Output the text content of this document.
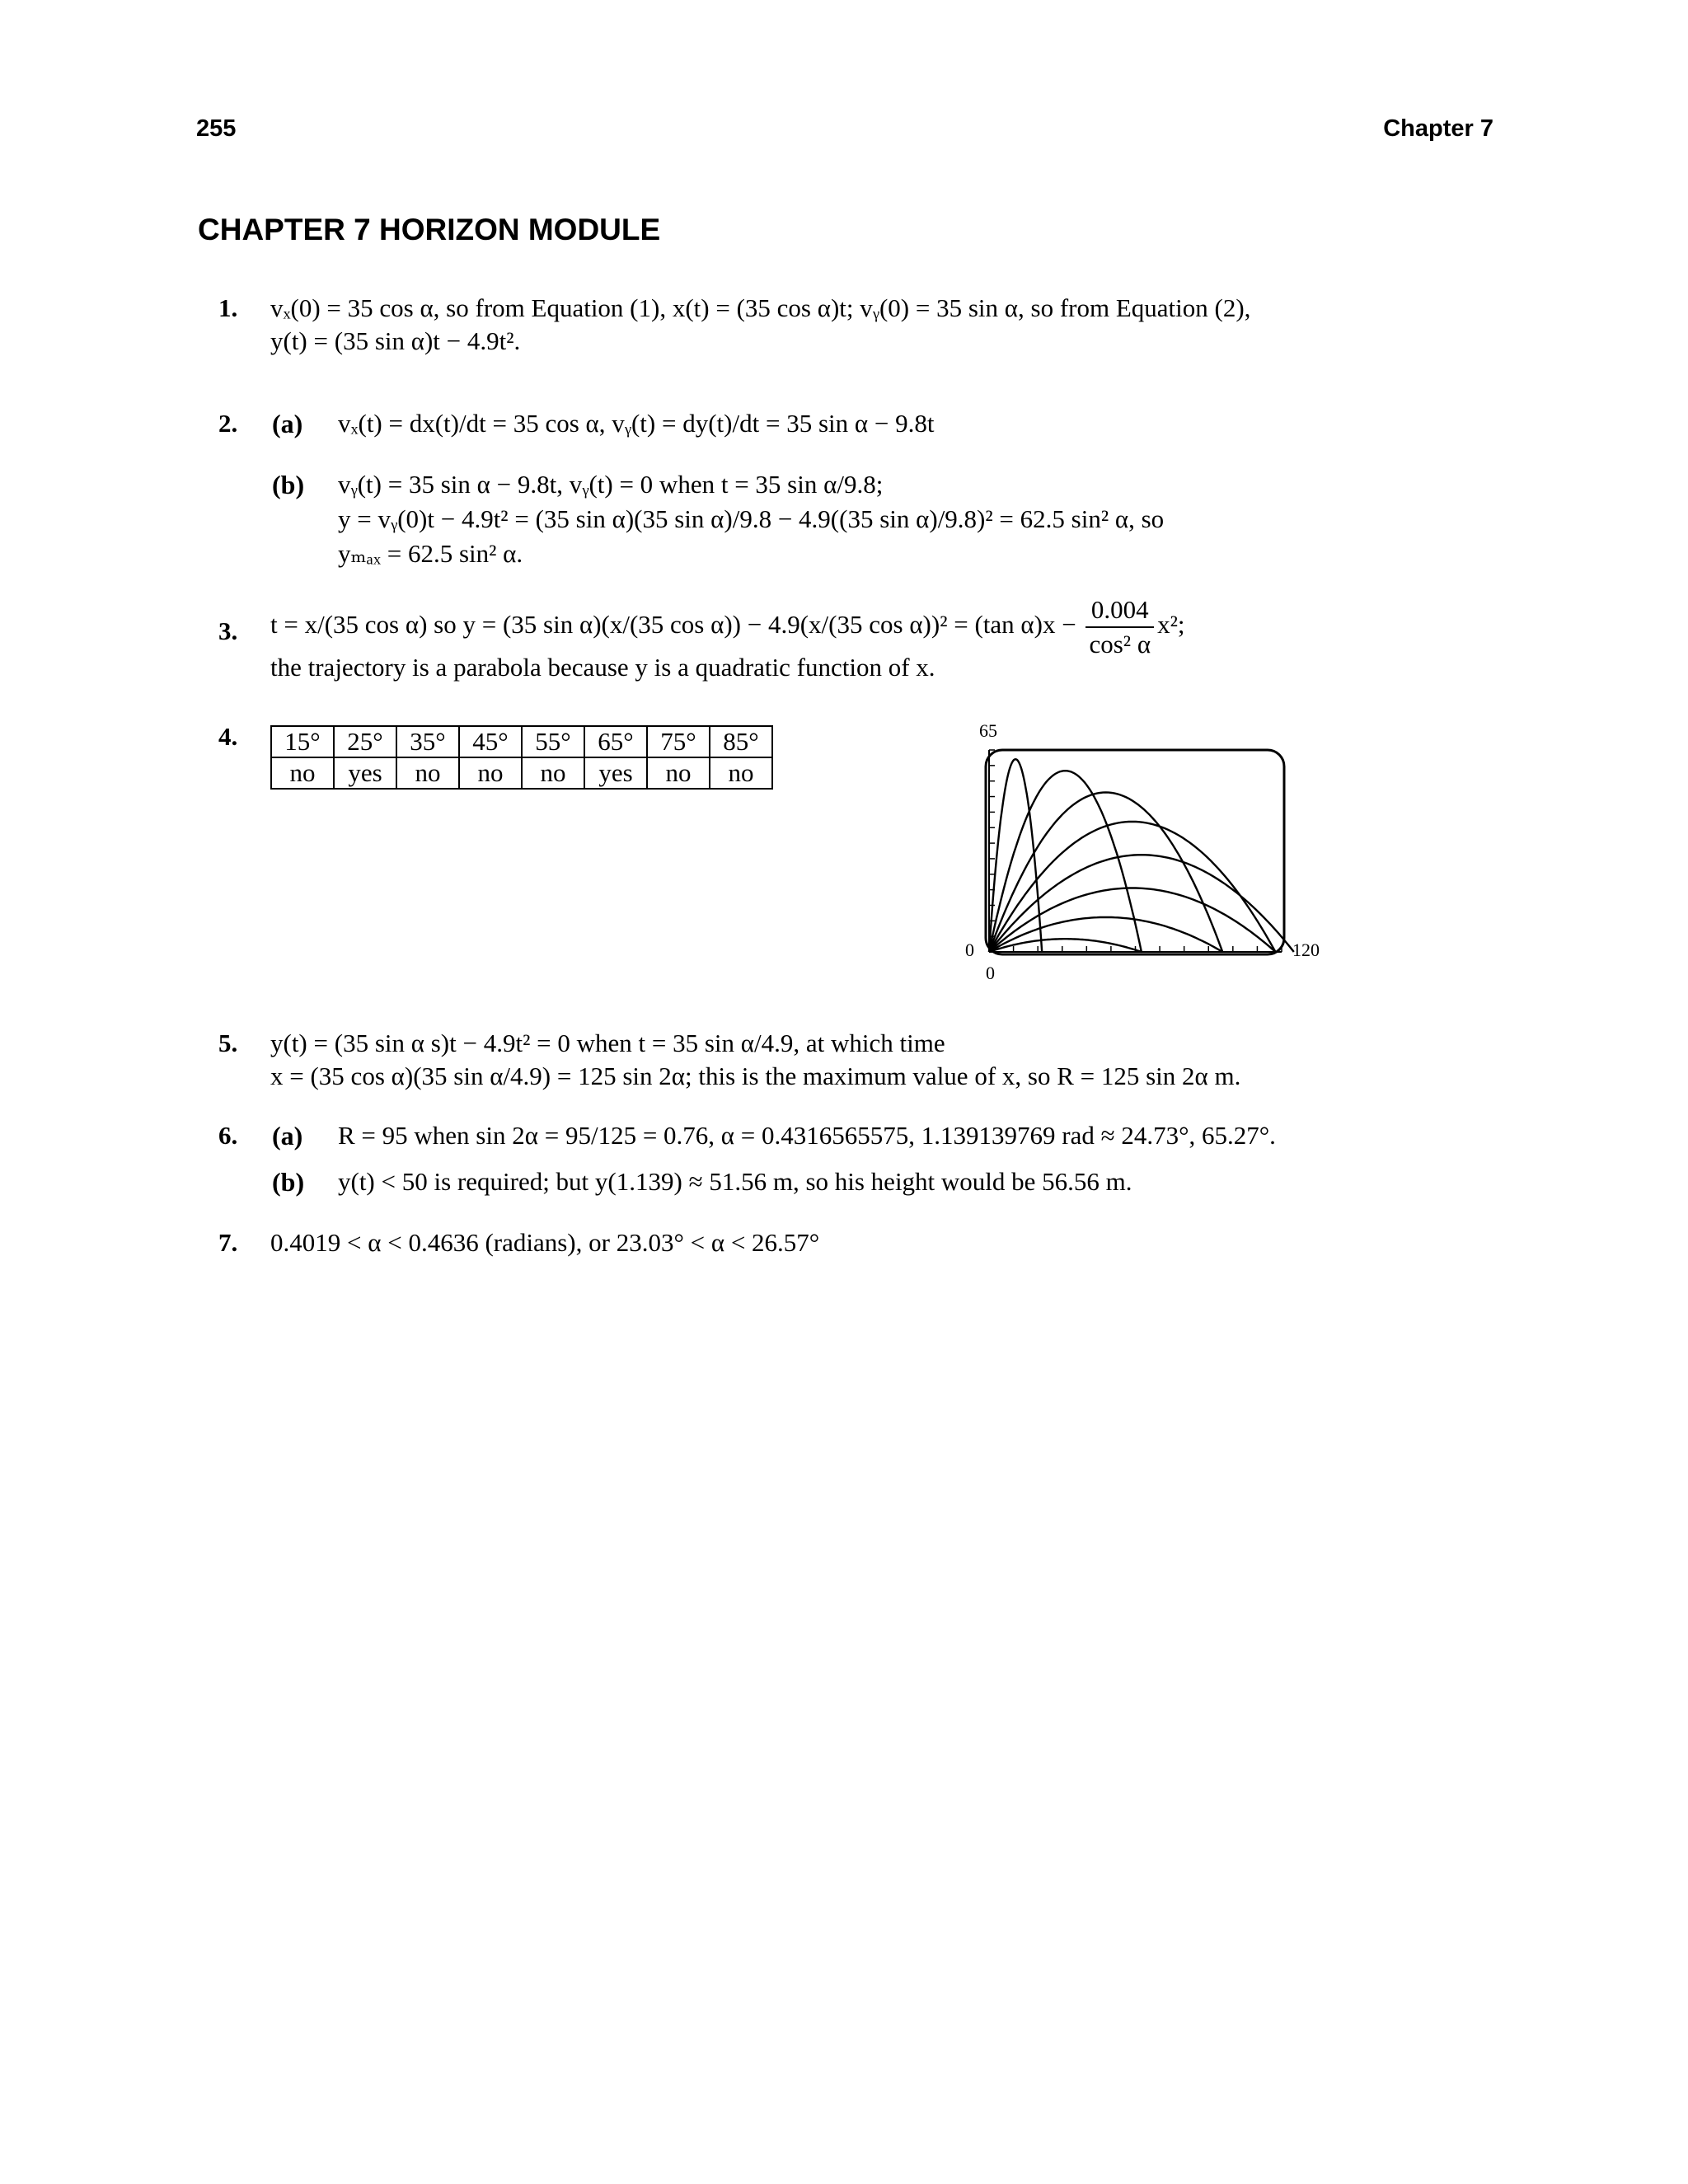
255	Chapter 7
CHAPTER 7 HORIZON MODULE
1. vₓ(0) = 35 cos α, so from Equation (1), x(t) = (35 cos α)t; vᵧ(0) = 35 sin α, so from Equation (2),
y(t) = (35 sin α)t − 4.9t².
2. (a) vₓ(t) = dx(t)/dt = 35 cos α, vᵧ(t) = dy(t)/dt = 35 sin α − 9.8t
(b) vᵧ(t) = 35 sin α − 9.8t, vᵧ(t) = 0 when t = 35 sin α/9.8;
y = vᵧ(0)t − 4.9t² = (35 sin α)(35 sin α)/9.8 − 4.9((35 sin α)/9.8)² = 62.5 sin² α, so
yₘₐₓ = 62.5 sin² α.
3. t = x/(35 cos α) so y = (35 sin α)(x/(35 cos α)) − 4.9(x/(35 cos α))² = (tan $\alpha)x - \frac{0.004}{\text{cos² α}} x^2$;
the trajectory is a parabola because y is a quadratic function of x.
4. 15°	25°	35°	45°	55°	65°	75°	85°
no	yes	no	no	no	yes	no	no
65
0
0
120
5. y(t) = (35 sin α s)t − 4.9t² = 0 when t = 35 sin α/4.9, at which time
x = (35 cos α)(35 sin α/4.9) = 125 sin 2α; this is the maximum value of x, so R = 125 sin 2α m.
6. (a) R = 95 when sin 2α = 95/125 = 0.76, α = 0.4316565575, 1.139139769 rad ≈ 24.73°, 65.27°.
(b) y(t) < 50 is required; but y(1.139) ≈ 51.56 m, so his height would be 56.56 m.
7. 0.4019 < α < 0.4636 (radians), or 23.03° < α < 26.57°
